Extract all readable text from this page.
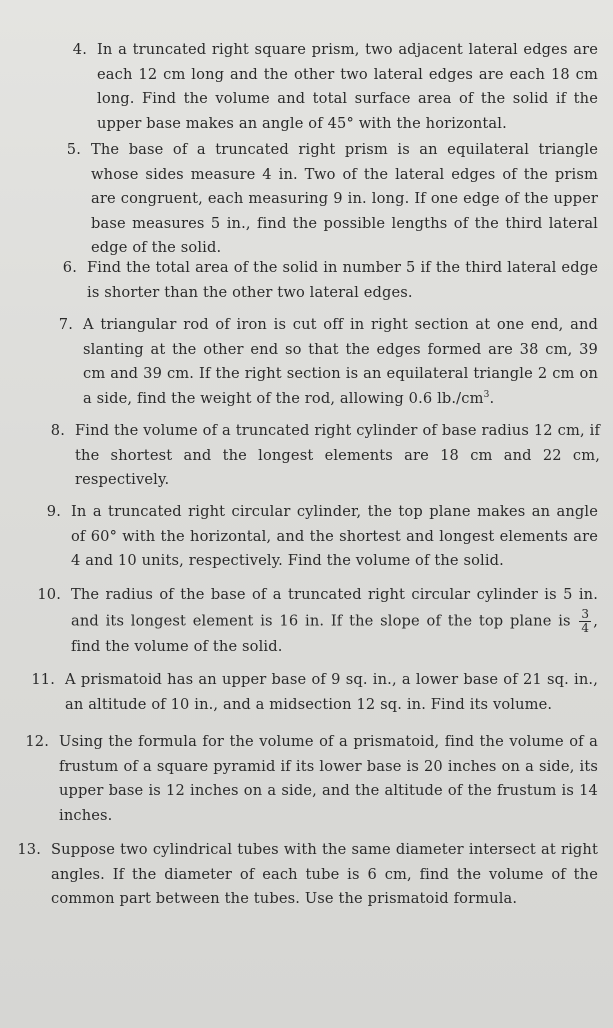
4. In a truncated right square prism, two adjacent lateral edges are each 12 cm long and the other two lateral edges are each 18 cm long. Find the volume and total surface area of the solid if the upper base makes an angle of 45° with the horizontal.
5. The base of a truncated right prism is an equilateral triangle whose sides measure 4 in. Two of the lateral edges of the prism are congruent, each measuring 9 in. long. If one edge of the upper base measures 5 in., find the possible lengths of the third lateral edge of the solid.
6. Find the total area of the solid in number 5 if the third lateral edge is shorter than the other two lateral edges.
7. A triangular rod of iron is cut off in right section at one end, and slanting at the other end so that the edges formed are 38 cm, 39 cm and 39 cm. If the right section is an equilateral triangle 2 cm on a side, find the weight of the rod, allowing 0.6 $lb./cm^3$.
8. Find the volume of a truncated right cylinder of base radius 12 cm, if the shortest and the longest elements are 18 cm and 22 cm, respectively.
9. In a truncated right circular cylinder, the top plane makes an angle of 60° with the horizontal, and the shortest and longest elements are 4 and 10 units, respectively. Find the volume of the solid.
10. The radius of the base of a truncated right circular cylinder is 5 in. and its longest element is 16 in. If the slope of the top plane is $\frac{3}{4}$ , find the volume of the solid.
11. A prismatoid has an upper base of 9 sq. in., a lower base of 21 sq. in., an altitude of 10 in., and a midsection 12 sq. in. Find its volume.
12. Using the formula for the volume of a prismatoid, find the volume of a frustum of a square pyramid if its lower base is 20 inches on a side, its upper base is 12 inches on a side, and the altitude of the frustum is 14 inches.
13. Suppose two cylindrical tubes with the same diameter intersect at right angles. If the diameter of each tube is 6 cm, find the volume of the common part between the tubes. Use the prismatoid formula.
